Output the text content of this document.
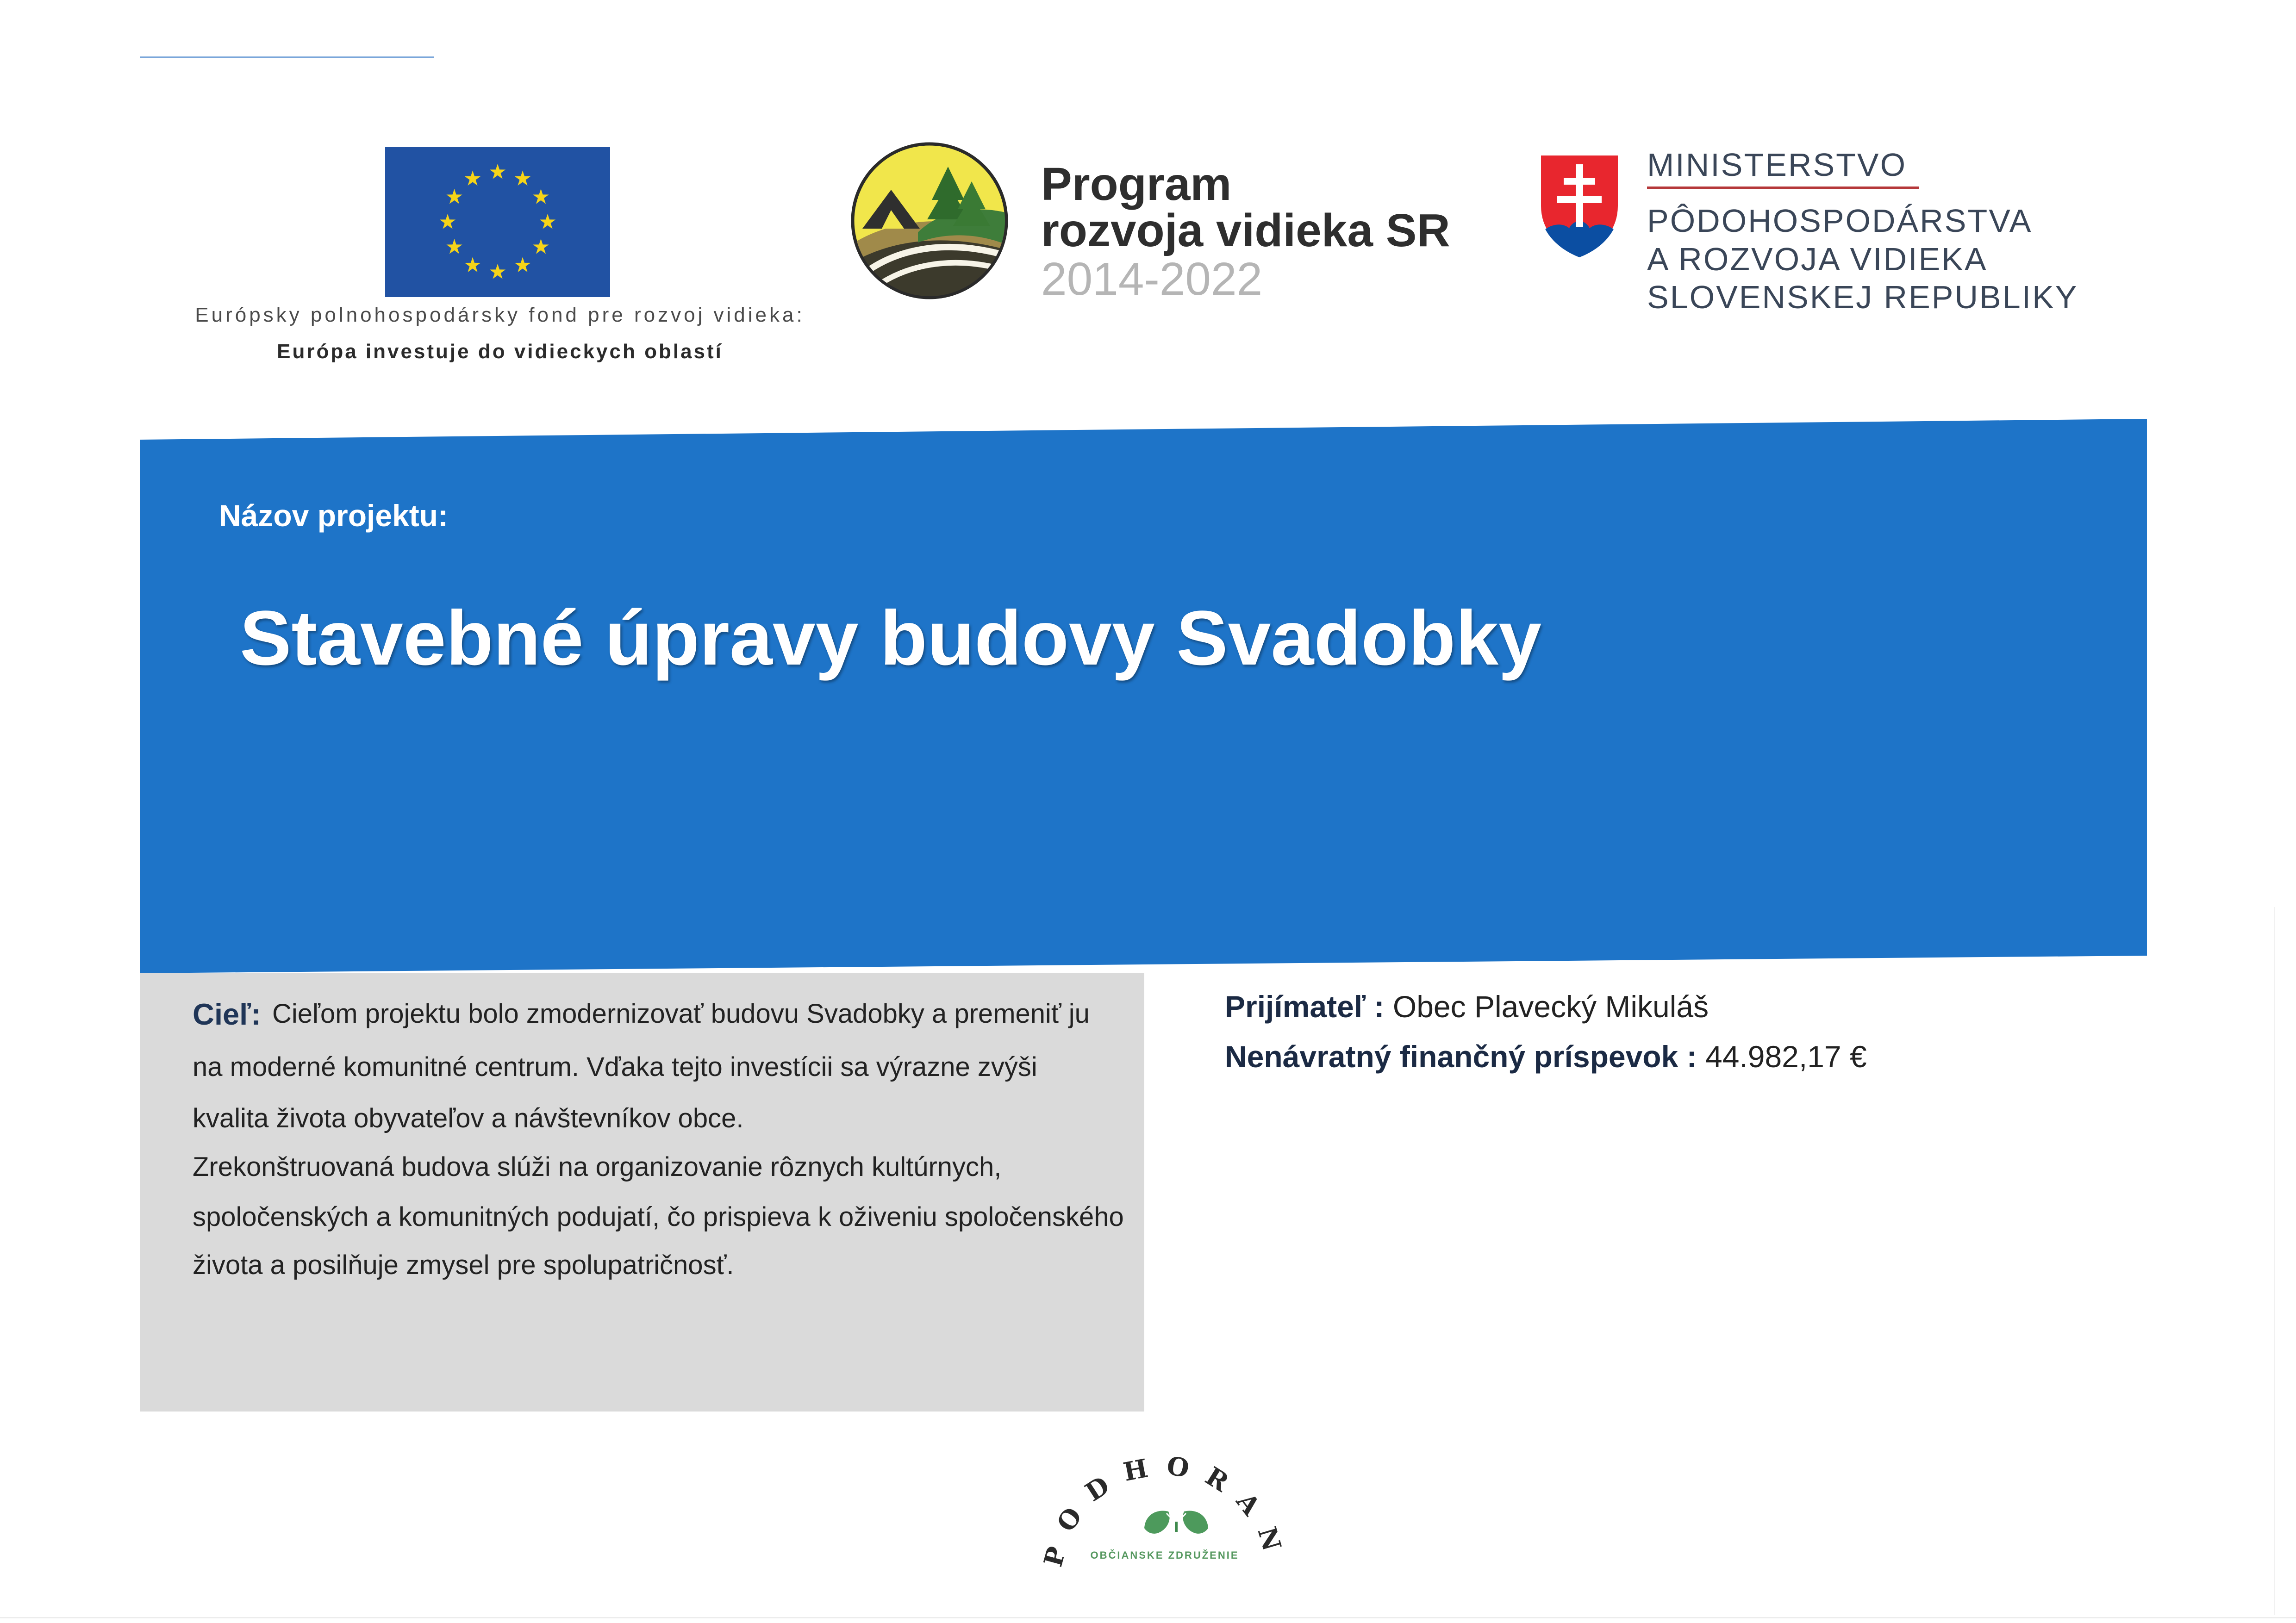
Európsky polnohospodársky fond pre rozvoj vidieka:
Európa investuje do vidieckych oblastí
Program
rozvoja vidieka SR
2014-2022
MINISTERSTVO
PÔDOHOSPODÁRSTVA
A ROZVOJA VIDIEKA
SLOVENSKEJ REPUBLIKY
Názov projektu:
Stavebné úpravy budovy Svadobky
Cieľ: Cieľom projektu bolo zmodernizovať budovu Svadobky a premeniť ju
na moderné komunitné centrum. Vďaka tejto investícii sa výrazne zvýši
kvalita života obyvateľov a návštevníkov obce.
Zrekonštruovaná budova slúži na organizovanie rôznych kultúrnych,
spoločenských a komunitných podujatí, čo prispieva k oživeniu spoločenského
života a posilňuje zmysel pre spolupatričnosť.
Prijímateľ : Obec Plavecký Mikuláš
Nenávratný finančný príspevok : 44.982,17 €
PODHORAN
OBČIANSKE ZDRUŽENIE
